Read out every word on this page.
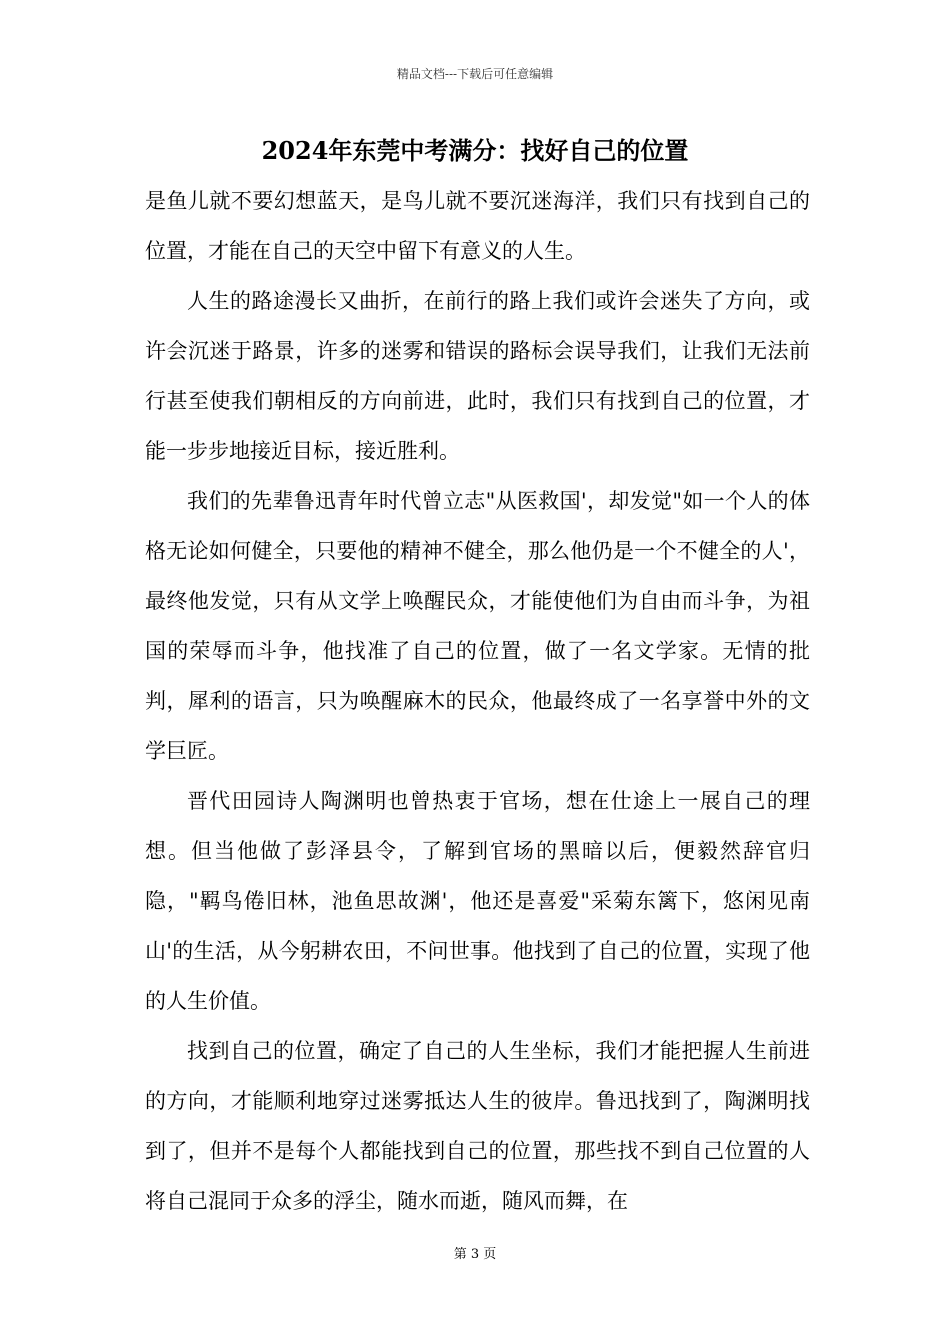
精品文档---下载后可任意编辑
2024年东莞中考满分：找好自己的位置

是鱼儿就不要幻想蓝天，是鸟儿就不要沉迷海洋，我们只有找到自己的位置，才能在自己的天空中留下有意义的人生。

人生的路途漫长又曲折，在前行的路上我们或许会迷失了方向，或许会沉迷于路景，许多的迷雾和错误的路标会误导我们，让我们无法前行甚至使我们朝相反的方向前进，此时，我们只有找到自己的位置，才能一步步地接近目标，接近胜利。

我们的先辈鲁迅青年时代曾立志"从医救国'，却发觉"如一个人的体格无论如何健全，只要他的精神不健全，那么他仍是一个不健全的人'，最终他发觉，只有从文学上唤醒民众，才能使他们为自由而斗争，为祖国的荣辱而斗争，他找准了自己的位置，做了一名文学家。无情的批判，犀利的语言，只为唤醒麻木的民众，他最终成了一名享誉中外的文学巨匠。

晋代田园诗人陶渊明也曾热衷于官场，想在仕途上一展自己的理想。但当他做了彭泽县令，了解到官场的黑暗以后，便毅然辞官归隐，"羁鸟倦旧林，池鱼思故渊'，他还是喜爱"采菊东篱下，悠闲见南山'的生活，从今躬耕农田，不问世事。他找到了自己的位置，实现了他的人生价值。

找到自己的位置，确定了自己的人生坐标，我们才能把握人生前进的方向，才能顺利地穿过迷雾抵达人生的彼岸。鲁迅找到了，陶渊明找到了，但并不是每个人都能找到自己的位置，那些找不到自己位置的人将自己混同于众多的浮尘，随水而逝，随风而舞，在

第 3 页
